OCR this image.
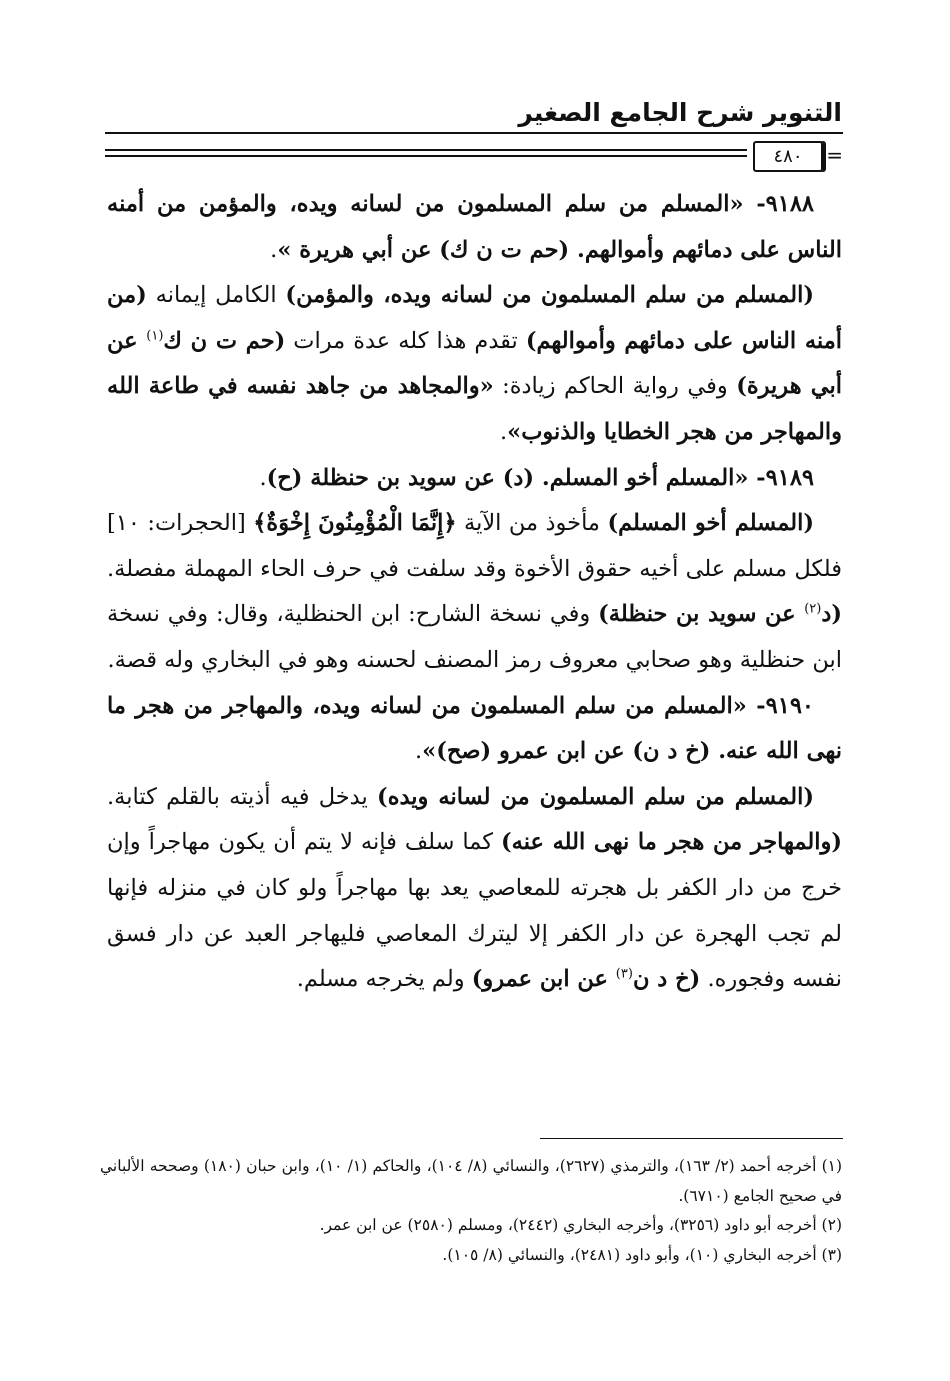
التنوير شرح الجامع الصغير
=
٤٨٠

٩١٨٨- «المسلم من سلم المسلمون من لسانه ويده، والمؤمن من أمنه الناس على دمائهم وأموالهم. (حم ت ن ك) عن أبي هريرة ».

(المسلم من سلم المسلمون من لسانه ويده، والمؤمن) الكامل إيمانه (من أمنه الناس على دمائهم وأموالهم) تقدم هذا كله عدة مرات (حم ت ن ك$^{(١)}$ عن أبي هريرة) وفي رواية الحاكم زيادة: «والمجاهد من جاهد نفسه في طاعة الله والمهاجر من هجر الخطايا والذنوب».

٩١٨٩- «المسلم أخو المسلم. (د) عن سويد بن حنظلة (ح).

(المسلم أخو المسلم) مأخوذ من الآية ﴿إِنَّمَا الْمُؤْمِنُونَ إِخْوَةٌ﴾ [الحجرات: ١٠] فلكل مسلم على أخيه حقوق الأخوة وقد سلفت في حرف الحاء المهملة مفصلة. (د$^{(٢)}$ عن سويد بن حنظلة) وفي نسخة الشارح: ابن الحنظلية، وقال: وفي نسخة ابن حنظلية وهو صحابي معروف رمز المصنف لحسنه وهو في البخاري وله قصة.

٩١٩٠- «المسلم من سلم المسلمون من لسانه ويده، والمهاجر من هجر ما نهى الله عنه. (خ د ن) عن ابن عمرو (صح)».

(المسلم من سلم المسلمون من لسانه ويده) يدخل فيه أذيته بالقلم كتابة. (والمهاجر من هجر ما نهى الله عنه) كما سلف فإنه لا يتم أن يكون مهاجراً وإن خرج من دار الكفر بل هجرته للمعاصي يعد بها مهاجراً ولو كان في منزله فإنها لم تجب الهجرة عن دار الكفر إلا ليترك المعاصي فليهاجر العبد عن دار فسق نفسه وفجوره. (خ د ن$^{(٣)}$ عن ابن عمرو) ولم يخرجه مسلم.

(١) أخرجه أحمد (٢/ ١٦٣)، والترمذي (٢٦٢٧)، والنسائي (٨/ ١٠٤)، والحاكم (١/ ١٠)، وابن حبان (١٨٠) وصححه الألباني في صحيح الجامع (٦٧١٠).

(٢) أخرجه أبو داود (٣٢٥٦)، وأخرجه البخاري (٢٤٤٢)، ومسلم (٢٥٨٠) عن ابن عمر.

(٣) أخرجه البخاري (١٠)، وأبو داود (٢٤٨١)، والنسائي (٨/ ١٠٥).
